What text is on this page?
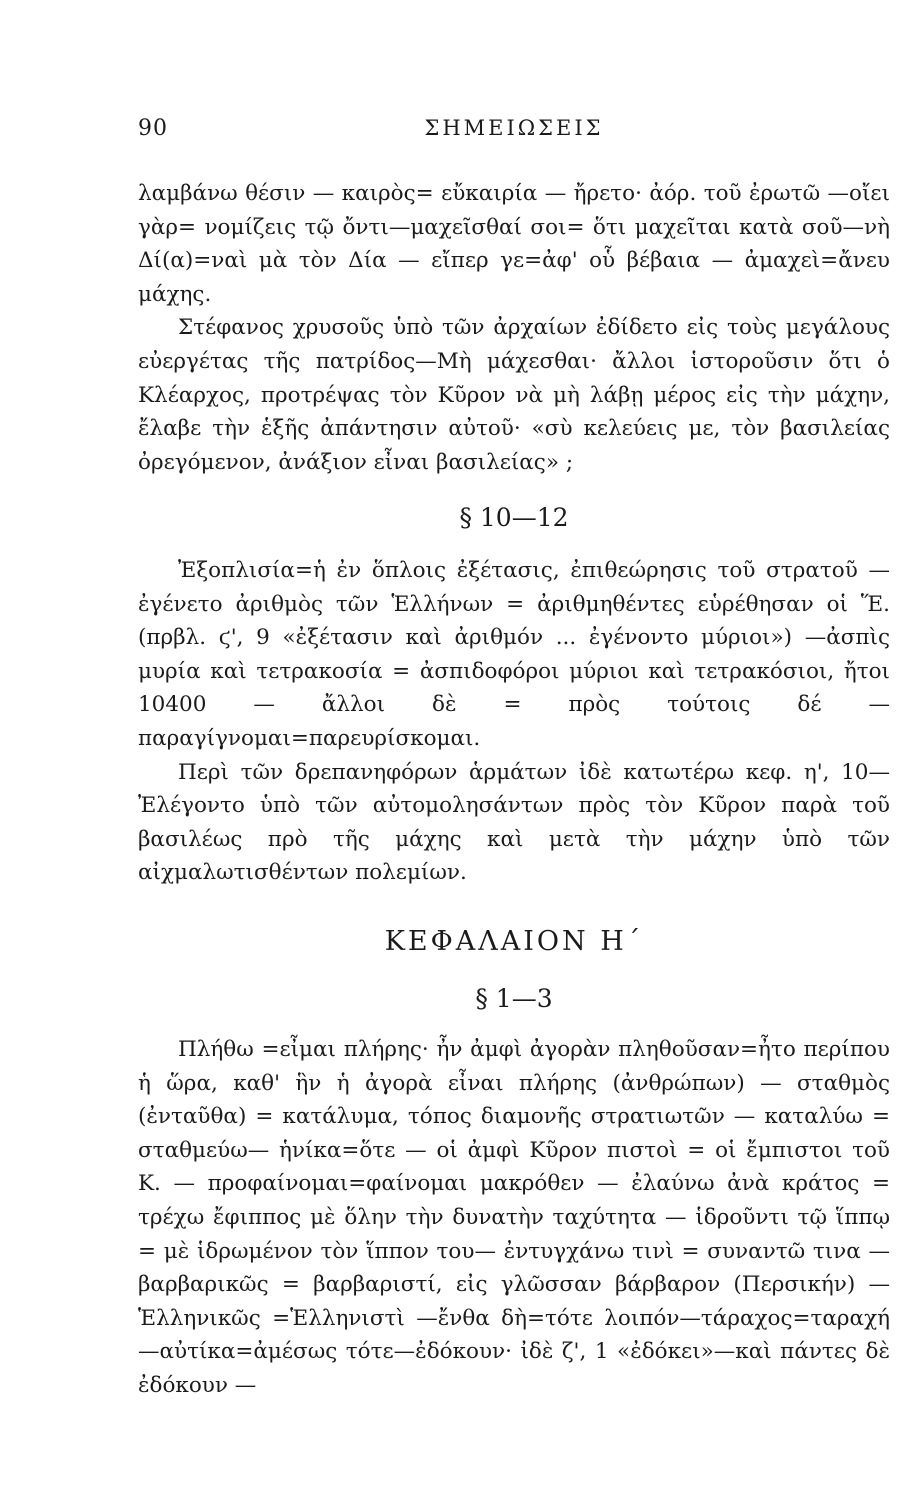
90	ΣΗΜΕΙΩΣΕΙΣ

λαμβάνω θέσιν — καιρὸς= εὔκαιρία — ἤρετο· ἀόρ. τοῦ ἐρωτῶ —οἴει γὰρ= νομίζεις τῷ ὄντι—μαχεῖσθαί σοι= ὅτι μαχεῖται κατὰ σοῦ—νὴ Δί(α)=ναὶ μὰ τὸν Δία — εἴπερ γε=ἀφ' οὗ βέβαια — ἀμαχεὶ=ἄνευ μάχης.

Στέφανος χρυσοῦς ὑπὸ τῶν ἀρχαίων ἐδίδετο εἰς τοὺς μεγάλους εὐεργέτας τῆς πατρίδος—Μὴ μάχεσθαι· ἄλλοι ἱστοροῦσιν ὅτι ὁ Κλέαρχος, προτρέψας τὸν Κῦρον νὰ μὴ λάβῃ μέρος εἰς τὴν μάχην, ἔλαβε τὴν ἑξῆς ἀπάντησιν αὐτοῦ· «σὺ κελεύεις με, τὸν βασιλείας ὀρεγόμενον, ἀνάξιον εἶναι βασιλείας» ;

§ 10—12

Ἐξοπλισία=ἡ ἐν ὅπλοις ἐξέτασις, ἐπιθεώρησις τοῦ στρατοῦ —ἐγένετο ἀριθμὸς τῶν Ἑλλήνων = ἀριθμηθέντες εὑρέθησαν οἱ Ἕ. (πρβλ. ϛ', 9 «ἐξέτασιν καὶ ἀριθμόν ... ἐγένοντο μύριοι») —ἀσπὶς μυρία καὶ τετρακοσία = ἀσπιδοφόροι μύριοι καὶ τετρακόσιοι, ἤτοι 10400 — ἄλλοι δὲ = πρὸς τούτοις δέ — παραγίγνομαι=παρευρίσκομαι.

Περὶ τῶν δρεπανηφόρων ἁρμάτων ἰδὲ κατωτέρω κεφ. η', 10—Ἐλέγοντο ὑπὸ τῶν αὐτομολησάντων πρὸς τὸν Κῦρον παρὰ τοῦ βασιλέως πρὸ τῆς μάχης καὶ μετὰ τὴν μάχην ὑπὸ τῶν αἰχμαλωτισθέντων πολεμίων.

ΚΕΦΑΛΑΙΟΝ Η΄
§ 1—3

Πλήθω =εἶμαι πλήρης· ἦν ἀμφὶ ἀγορὰν πληθοῦσαν=ἦτο περίπου ἡ ὥρα, καθ' ἣν ἡ ἀγορὰ εἶναι πλήρης (ἀνθρώπων) — σταθμὸς (ἐνταῦθα) = κατάλυμα, τόπος διαμονῆς στρατιωτῶν — καταλύω = σταθμεύω— ἡνίκα=ὅτε — οἱ ἀμφὶ Κῦρον πιστοὶ = οἱ ἔμπιστοι τοῦ Κ. — προφαίνομαι=φαίνομαι μακρόθεν — ἐλαύνω ἀνὰ κράτος = τρέχω ἔφιππος μὲ ὅλην τὴν δυνατὴν ταχύτητα — ἱδροῦντι τῷ ἵππῳ = μὲ ἱδρωμένον τὸν ἵππον του— ἐντυγχάνω τινὶ = συναντῶ τινα —βαρβαρικῶς = βαρβαριστί, εἰς γλῶσσαν βάρβαρον (Περσικήν) — Ἑλληνικῶς =Ἑλληνιστὶ —ἔνθα δὴ=τότε λοιπόν—τάραχος=ταραχή—αὐτίκα=ἀμέσως τότε—ἐδόκουν· ἰδὲ ζ', 1 «ἐδόκει»—καὶ πάντες δὲ ἐδόκουν —
